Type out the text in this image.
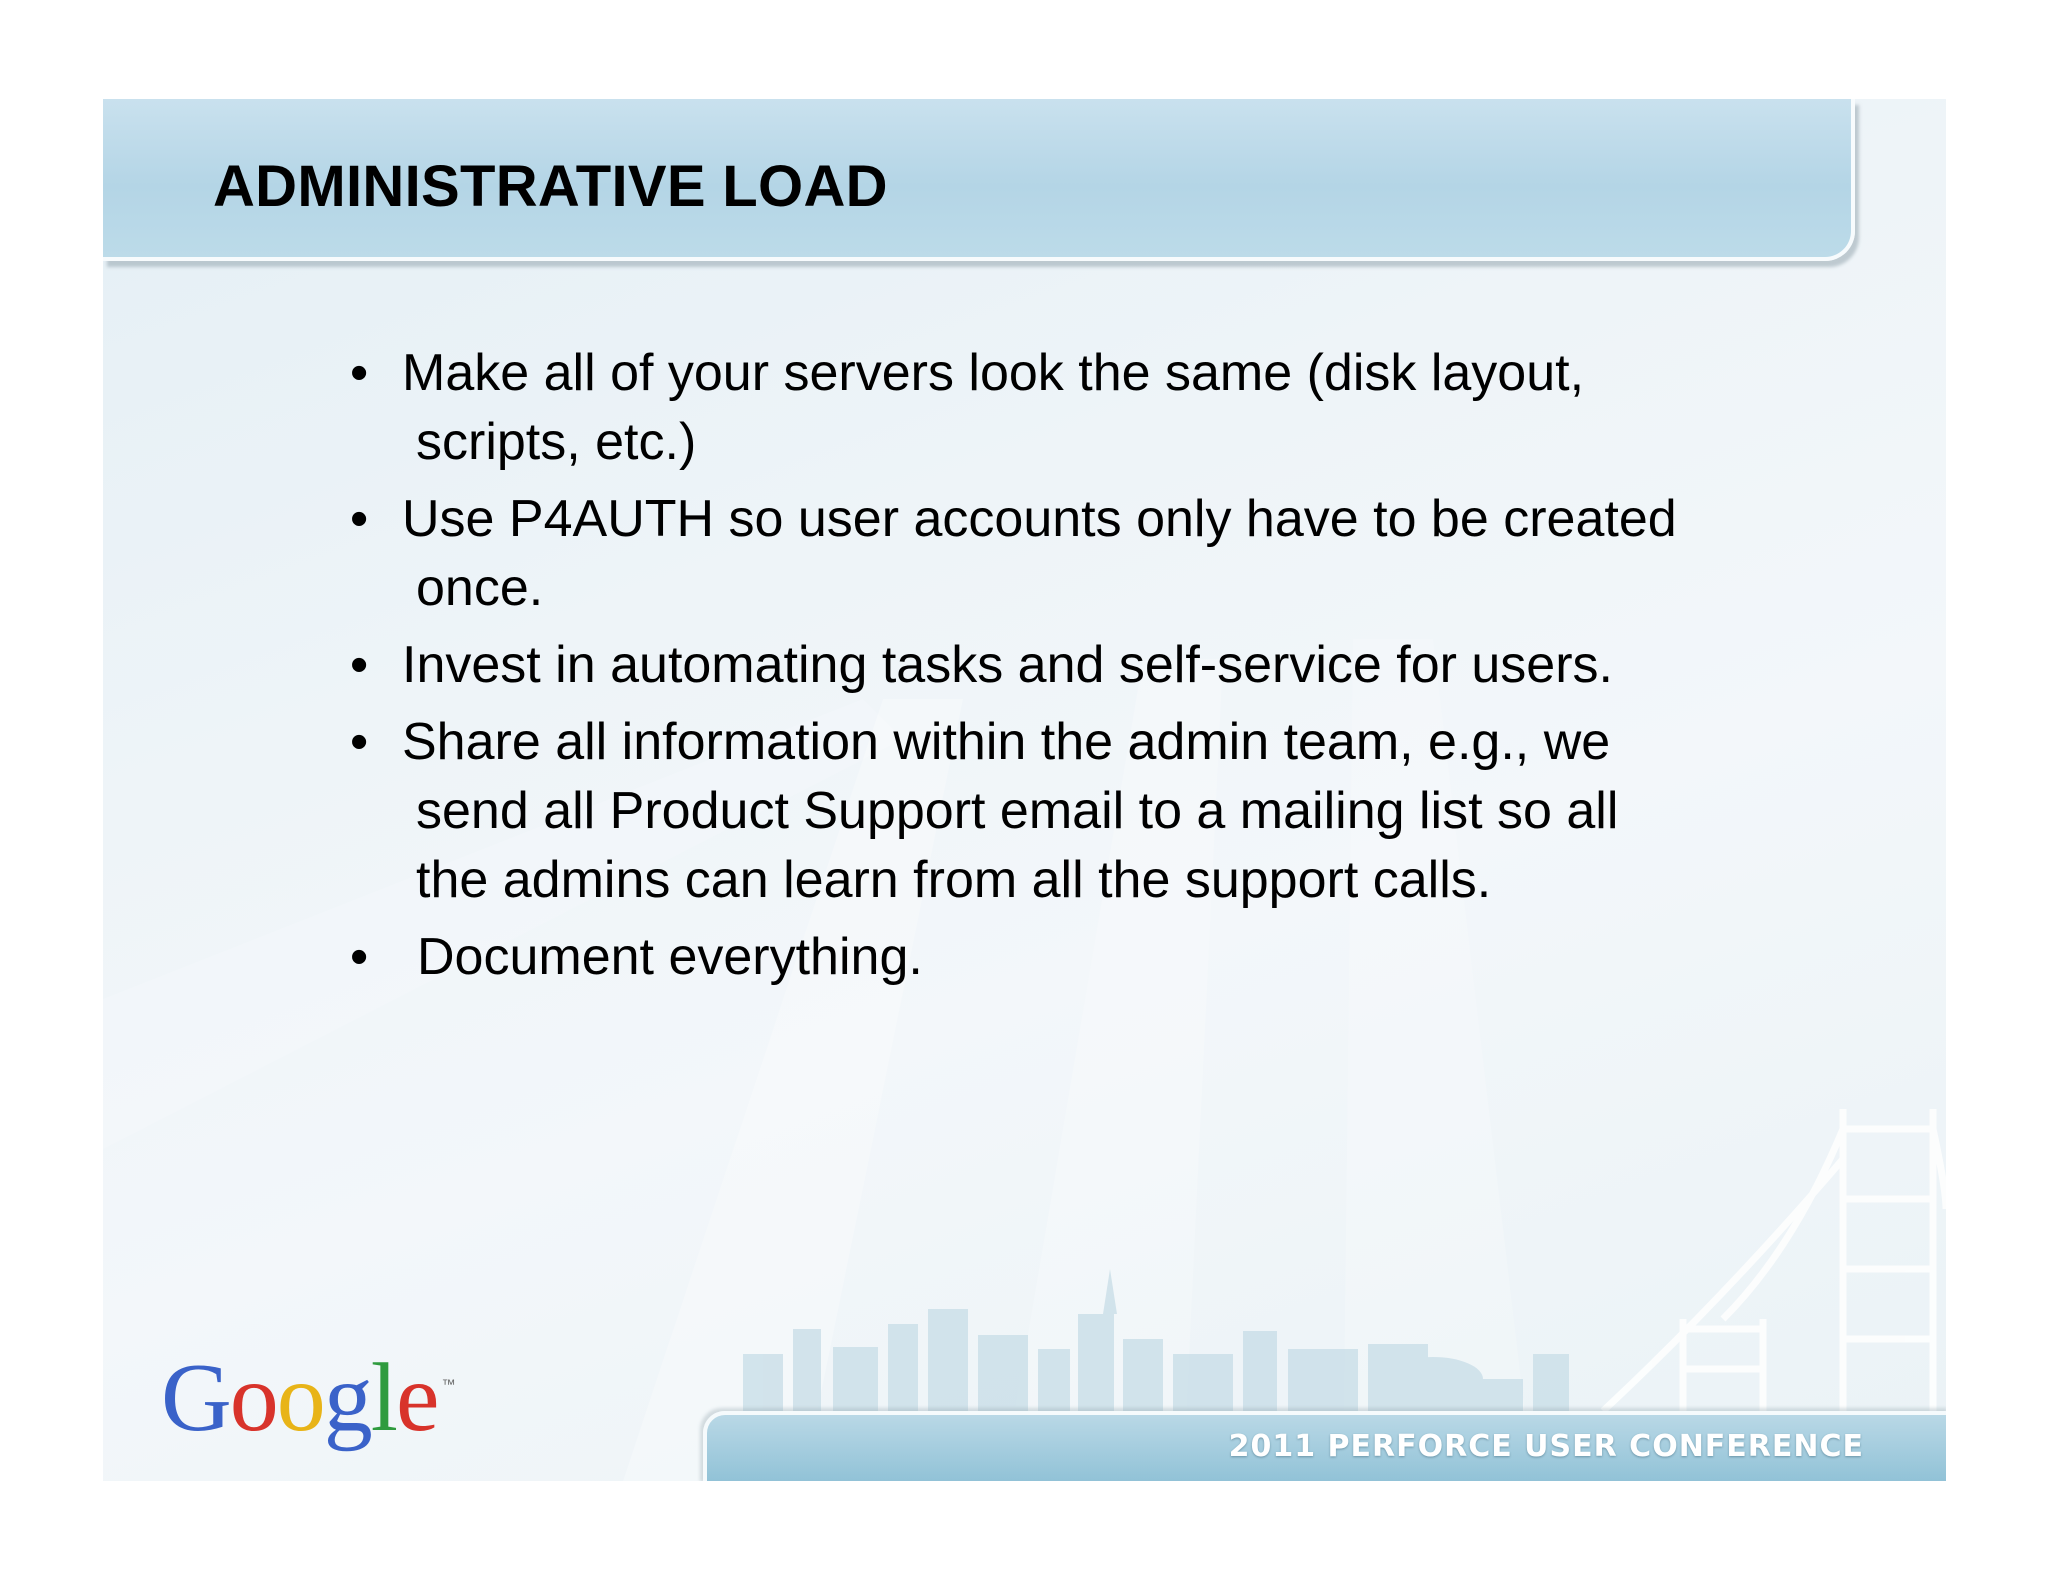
ADMINISTRATIVE LOAD
• Make all of your servers look the same (disk layout,
scripts, etc.)
• Use P4AUTH so user accounts only have to be created
once.
• Invest in automating tasks and self-service for users.
• Share all information within the admin team, e.g., we
send all Product Support email to a mailing list so all
the admins can learn from all the support calls.
• Document everything.
Google ™
2011 PERFORCE USER CONFERENCE
